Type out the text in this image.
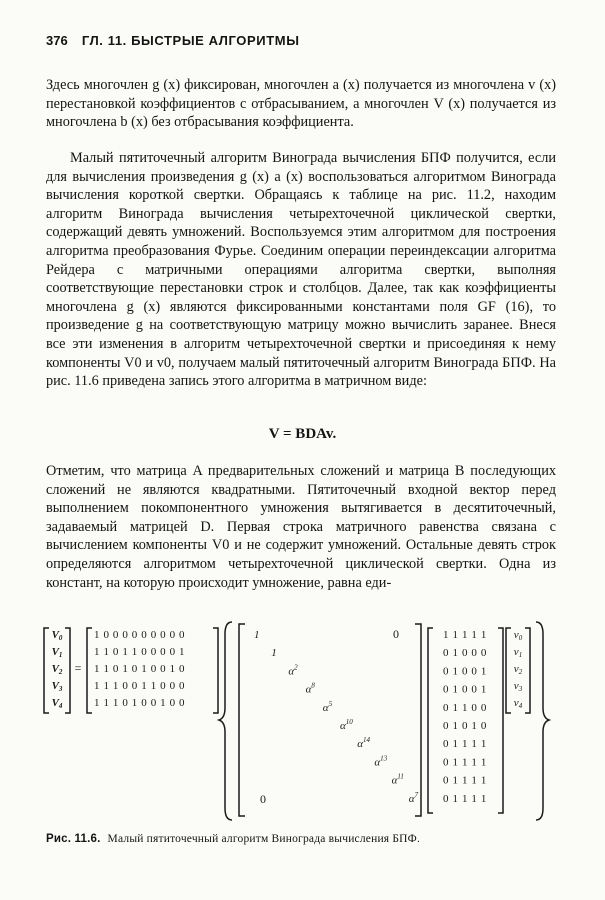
376 ГЛ. 11. БЫСТРЫЕ АЛГОРИТМЫ

Здесь многочлен g (x) фиксирован, многочлен a (x) получается из многочлена v (x) перестановкой коэффициентов с отбрасыванием, а многочлен V (x) получается из многочлена b (x) без отбрасывания коэффициента.

Малый пятиточечный алгоритм Винограда вычисления БПФ получится, если для вычисления произведения g (x) a (x) воспользоваться алгоритмом Винограда вычисления короткой свертки. Обращаясь к таблице на рис. 11.2, находим алгоритм Винограда вычисления четырехточечной циклической свертки, содержащий девять умножений. Воспользуемся этим алгоритмом для построения алгоритма преобразования Фурье. Соединим операции переиндексации алгоритма Рейдера с матричными операциями алгоритма свертки, выполняя соответствующие перестановки строк и столбцов. Далее, так как коэффициенты многочлена g (x) являются фиксированными константами поля GF (16), то произведение g на соответствующую матрицу можно вычислить заранее. Внеся все эти изменения в алгоритм четырехточечной свертки и присоединяя к нему компоненты V0 и v0, получаем малый пятиточечный алгоритм Винограда БПФ. На рис. 11.6 приведена запись этого алгоритма в матричном виде:

V = BDAv.

Отметим, что матрица A предварительных сложений и матрица B последующих сложений не являются квадратными. Пятиточечный входной вектор перед выполнением покомпонентного умножения вытягивается в десятиточечный, задаваемый матрицей D. Первая строка матричного равенства связана с вычислением компоненты V0 и не содержит умножений. Остальные девять строк определяются алгоритмом четырехточечной циклической свертки. Одна из констант, на которую происходит умножение, равна еди-

V0
V1
V2
V3
V4
=
1 0 0 0 0 0 0 0 0 0
1 1 0 1 1 0 0 0 0 1
1 1 0 1 0 1 0 0 1 0
1 1 1 0 0 1 1 0 0 0
1 1 1 0 1 0 0 1 0 0
1
1
$\alpha^2$
$\alpha^8$
$\alpha^5$
$\alpha^{10}$
$\alpha^{14}$
$\alpha^{13}$
$\alpha^{11}$
$\alpha^7$
0
0
1 1 1 1 1
0 1 0 0 0
0 1 0 0 1
0 1 0 0 1
0 1 1 0 0
0 1 0 1 0
0 1 1 1 1
0 1 1 1 1
0 1 1 1 1
0 1 1 1 1
v0
v1
v2
v3
v4
Рис. 11.6. Малый пятиточечный алгоритм Винограда вычисления БПФ.
